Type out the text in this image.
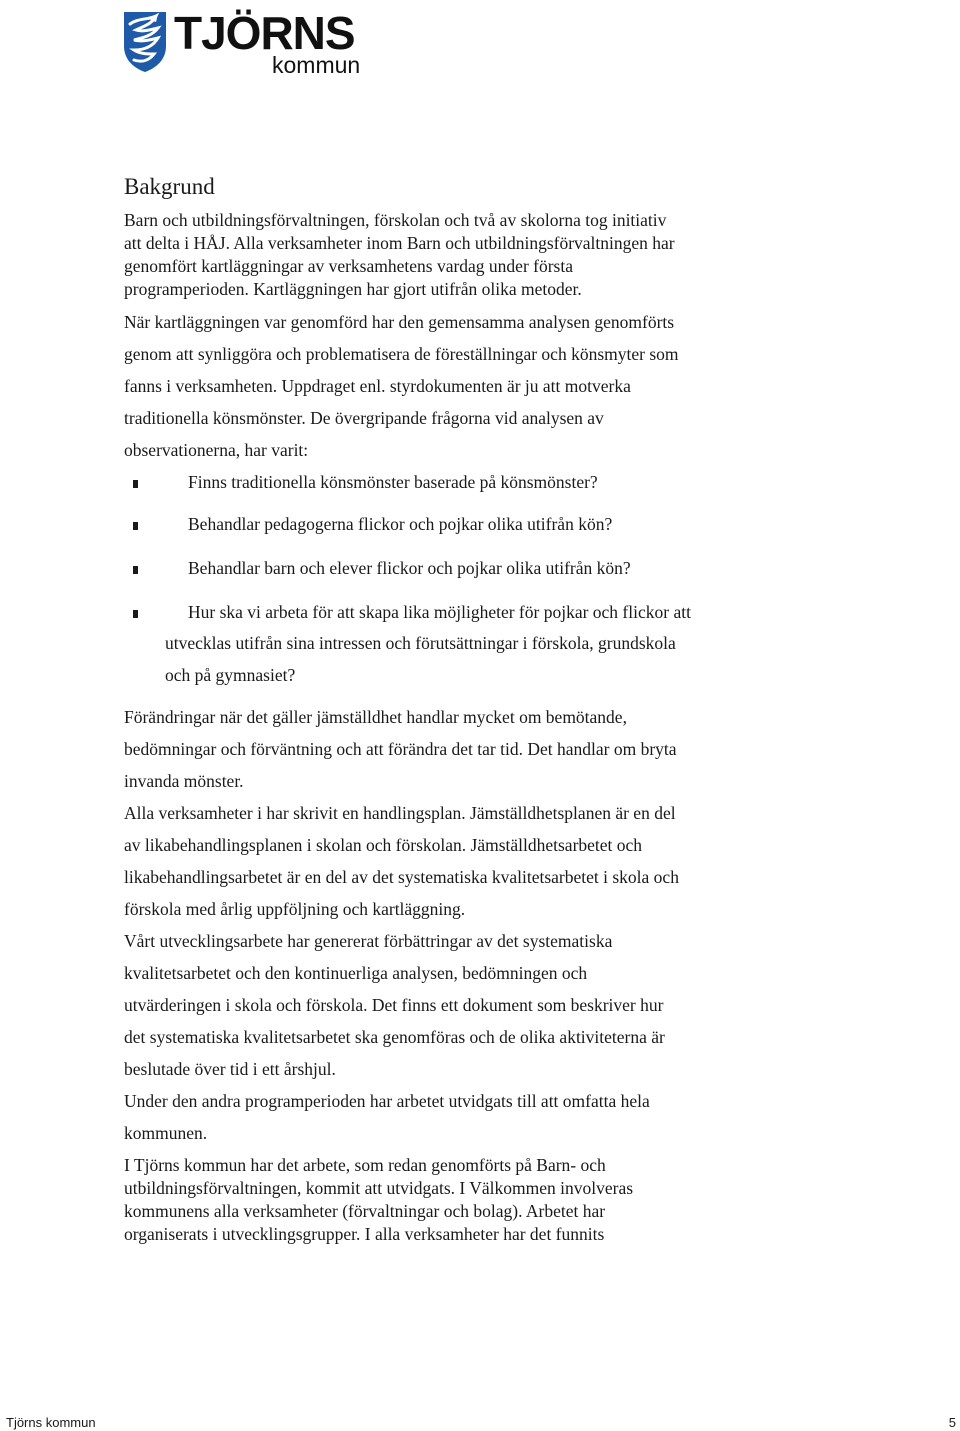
TJÖRNS
kommun
Bakgrund
Barn och utbildningsförvaltningen, förskolan och två av skolorna tog initiativ
att delta i HÅJ. Alla verksamheter inom Barn och utbildningsförvaltningen har
genomfört kartläggningar av verksamhetens vardag under första
programperioden. Kartläggningen har gjort utifrån olika metoder.
När kartläggningen var genomförd har den gemensamma analysen genomförts
genom att synliggöra och problematisera de föreställningar och könsmyter som
fanns i verksamheten. Uppdraget enl. styrdokumenten är ju att motverka
traditionella könsmönster. De övergripande frågorna vid analysen av
observationerna, har varit:
Finns traditionella könsmönster baserade på könsmönster?
Behandlar pedagogerna flickor och pojkar olika utifrån kön?
Behandlar barn och elever flickor och pojkar olika utifrån kön?
Hur ska vi arbeta för att skapa lika möjligheter för pojkar och flickor att
utvecklas utifrån sina intressen och förutsättningar i förskola, grundskola
och på gymnasiet?
Förändringar när det gäller jämställdhet handlar mycket om bemötande,
bedömningar och förväntning och att förändra det tar tid. Det handlar om bryta
invanda mönster.
Alla verksamheter i har skrivit en handlingsplan. Jämställdhetsplanen är en del
av likabehandlingsplanen i skolan och förskolan. Jämställdhetsarbetet och
likabehandlingsarbetet är en del av det systematiska kvalitetsarbetet i skola och
förskola med årlig uppföljning och kartläggning.
Vårt utvecklingsarbete har genererat förbättringar av det systematiska
kvalitetsarbetet och den kontinuerliga analysen, bedömningen och
utvärderingen i skola och förskola. Det finns ett dokument som beskriver hur
det systematiska kvalitetsarbetet ska genomföras och de olika aktiviteterna är
beslutade över tid i ett årshjul.
Under den andra programperioden har arbetet utvidgats till att omfatta hela
kommunen.
I Tjörns kommun har det arbete, som redan genomförts på Barn- och
utbildningsförvaltningen, kommit att utvidgats. I Välkommen involveras
kommunens alla verksamheter (förvaltningar och bolag). Arbetet har
organiserats i utvecklingsgrupper. I alla verksamheter har det funnits
Tjörns kommun	5
